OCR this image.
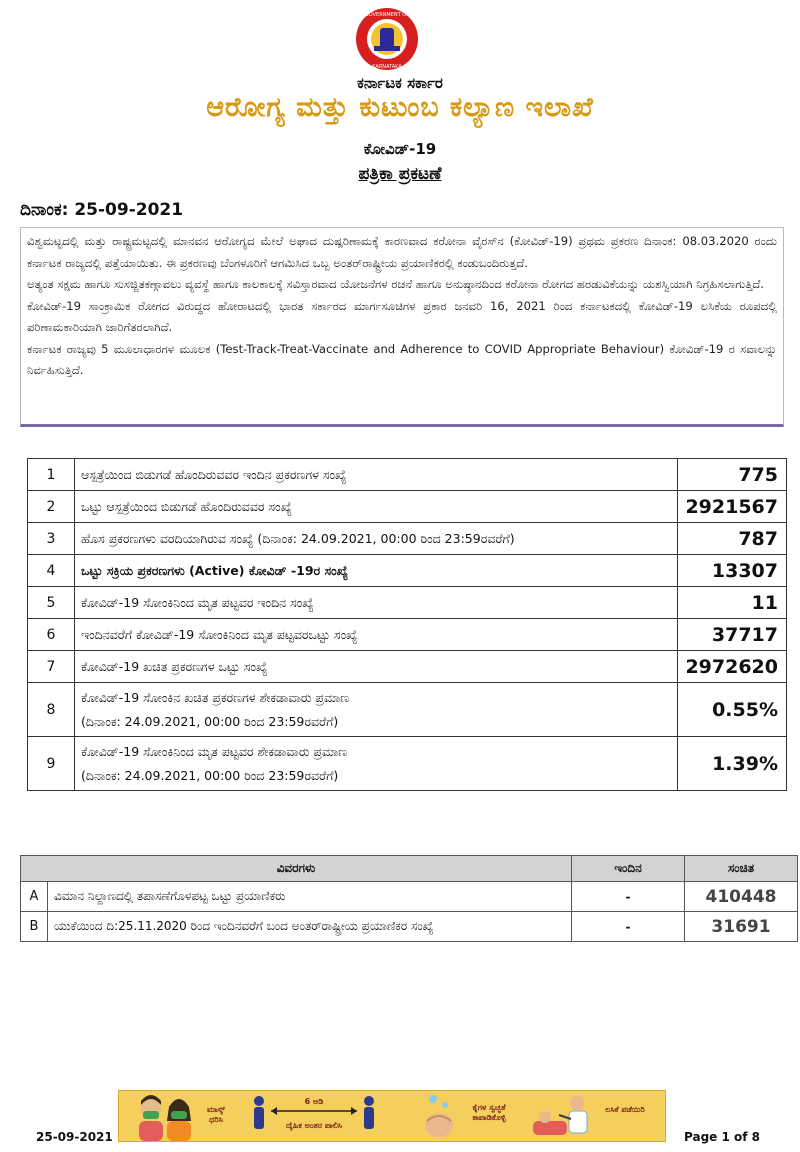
GOVERNMENT OF
KARNATAKA
ಕರ್ನಾಟಕ ಸರ್ಕಾರ
ಆರೋಗ್ಯ ಮತ್ತು ಕುಟುಂಬ ಕಲ್ಯಾಣ ಇಲಾಖೆ
ಕೋವಿಡ್‌-19
ಪತ್ರಿಕಾ ಪ್ರಕಟಣೆ
ದಿನಾಂಕ: 25-09-2021

ವಿಶ್ವಮಟ್ಟದಲ್ಲಿ ಮತ್ತು ರಾಷ್ಟ್ರಮಟ್ಟದಲ್ಲಿ ಮಾನವನ ಆರೋಗ್ಯದ ಮೇಲೆ ಅಘಾದ ದುಷ್ಪರಿಣಾಮಕ್ಕೆ ಕಾರಣವಾದ ಕರೋನಾ ವೈರಸ್‌ನ (ಕೋವಿಡ್‌-19) ಪ್ರಥಮ ಪ್ರಕರಣ ದಿನಾಂಕ: 08.03.2020 ರಂದು ಕರ್ನಾಟಕ ರಾಜ್ಯದಲ್ಲಿ ಪತ್ತೆಯಾಯಿತು. ಈ ಪ್ರಕರಣವು ಬೆಂಗಳೂರಿಗೆ ಆಗಮಿಸಿದ ಒಬ್ಬ ಅಂತರ್‌ರಾಷ್ಟ್ರೀಯ ಪ್ರಯಾಣಿಕರಲ್ಲಿ ಕಂಡುಬಂದಿರುತ್ತದೆ.

ಅತ್ಯಂತ ಸಕ್ಷಮ ಹಾಗೂ ಸುಸಜ್ಜಿತಕಣ್ಗಾವಲು ವ್ಯವಸ್ಥೆ ಹಾಗೂ ಕಾಲಕಾಲಕ್ಕೆ ಸವಿಸ್ತಾರವಾದ ಯೋಜನೆಗಳ ರಚನೆ ಹಾಗೂ ಅನುಷ್ಠಾನದಿಂದ ಕರೋನಾ ರೋಗದ ಹರಡುವಿಕೆಯನ್ನು ಯಶಸ್ವಿಯಾಗಿ ನಿಗ್ರಹಿಸಲಾಗುತ್ತಿದೆ.

ಕೋವಿಡ್‌-19 ಸಾಂಕ್ರಾಮಿಕ ರೋಗದ ವಿರುದ್ಧದ ಹೋರಾಟದಲ್ಲಿ ಭಾರತ ಸರ್ಕಾರದ ಮಾರ್ಗಸೂಚಿಗಳ ಪ್ರಕಾರ ಜನವರಿ 16, 2021 ರಿಂದ ಕರ್ನಾಟಕದಲ್ಲಿ ಕೋವಿಡ್‌-19 ಲಸಿಕೆಯ ರೂಪದಲ್ಲಿ ಪರಿಣಾಮಕಾರಿಯಾಗಿ ಜಾರಿಗೆತರಲಾಗಿದೆ.

ಕರ್ನಾಟಕ ರಾಜ್ಯವು 5 ಮೂಲಾಧಾರಗಳ ಮೂಲಕ (Test-Track-Treat-Vaccinate and Adherence to COVID Appropriate Behaviour) ಕೋವಿಡ್‌-19 ರ ಸವಾಲನ್ನು ನಿರ್ವಹಿಸುತ್ತಿದೆ.

1	ಆಸ್ಪತ್ರೆಯಿಂದ ಬಿಡುಗಡೆ ಹೊಂದಿರುವವರ ಇಂದಿನ ಪ್ರಕರಣಗಳ ಸಂಖ್ಯೆ	775
2	ಒಟ್ಟು ಆಸ್ಪತ್ರೆಯಿಂದ ಬಿಡುಗಡೆ ಹೊಂದಿರುವವರ ಸಂಖ್ಯೆ	2921567
3	ಹೊಸ ಪ್ರಕರಣಗಳು ವರದಿಯಾಗಿರುವ ಸಂಖ್ಯೆ (ದಿನಾಂಕ: 24.09.2021, 00:00 ರಿಂದ 23:59ರವರೆಗೆ)	787
4	ಒಟ್ಟು ಸಕ್ರಿಯ ಪ್ರಕರಣಗಳು (Active) ಕೋವಿಡ್ -19ರ ಸಂಖ್ಯೆ	13307
5	ಕೋವಿಡ್‌-19 ಸೋಂಕಿನಿಂದ ಮೃತ ಪಟ್ಟವರ ಇಂದಿನ ಸಂಖ್ಯೆ	11
6	ಇಂದಿನವರೆಗೆ ಕೋವಿಡ್‌-19 ಸೋಂಕಿನಿಂದ ಮೃತ ಪಟ್ಟವರಒಟ್ಟು ಸಂಖ್ಯೆ	37717
7	ಕೋವಿಡ್‌-19 ಖಚಿತ ಪ್ರಕರಣಗಳ ಒಟ್ಟು ಸಂಖ್ಯೆ	2972620
8	ಕೋವಿಡ್‌-19 ಸೋಂಕಿನ ಖಚಿತ ಪ್ರಕರಣಗಳ ಶೇಕಡಾವಾರು ಪ್ರಮಾಣ
(ದಿನಾಂಕ: 24.09.2021, 00:00 ರಿಂದ 23:59ರವರೆಗೆ)	0.55%
9	ಕೋವಿಡ್‌-19 ಸೋಂಕಿನಿಂದ ಮೃತ ಪಟ್ಟವರ ಶೇಕಡಾವಾರು ಪ್ರಮಾಣ
(ದಿನಾಂಕ: 24.09.2021, 00:00 ರಿಂದ 23:59ರವರೆಗೆ)	1.39%
ವಿವರಗಳು		ಇಂದಿನ	ಸಂಚಿತ
A	ವಿಮಾನ ನಿಲ್ದಾಣದಲ್ಲಿ ತಪಾಸಣೆಗೊಳಪಟ್ಟ ಒಟ್ಟು ಪ್ರಯಾಣಿಕರು	-	410448
B	ಯುಕೆಯಿಂದ ದಿ:25.11.2020 ರಿಂದ ಇಂದಿನವರೆಗೆ ಬಂದ ಅಂತರ್‌ರಾಷ್ಟ್ರೀಯ ಪ್ರಯಾಣಿಕರ ಸಂಖ್ಯೆ	-	31691
ಮಾಸ್ಕ್ ಧರಿಸಿ
6 ಅಡಿ
ದೈಹಿಕ ಅಂತರ ಪಾಲಿಸಿ
ಕೈಗಳ ಸ್ವಚ್ಛತೆ ಕಾಪಾಡಿಕೊಳ್ಳಿ
ಲಸಿಕೆ ಪಡೆಯಿರಿ
25-09-2021	Page 1 of 8
